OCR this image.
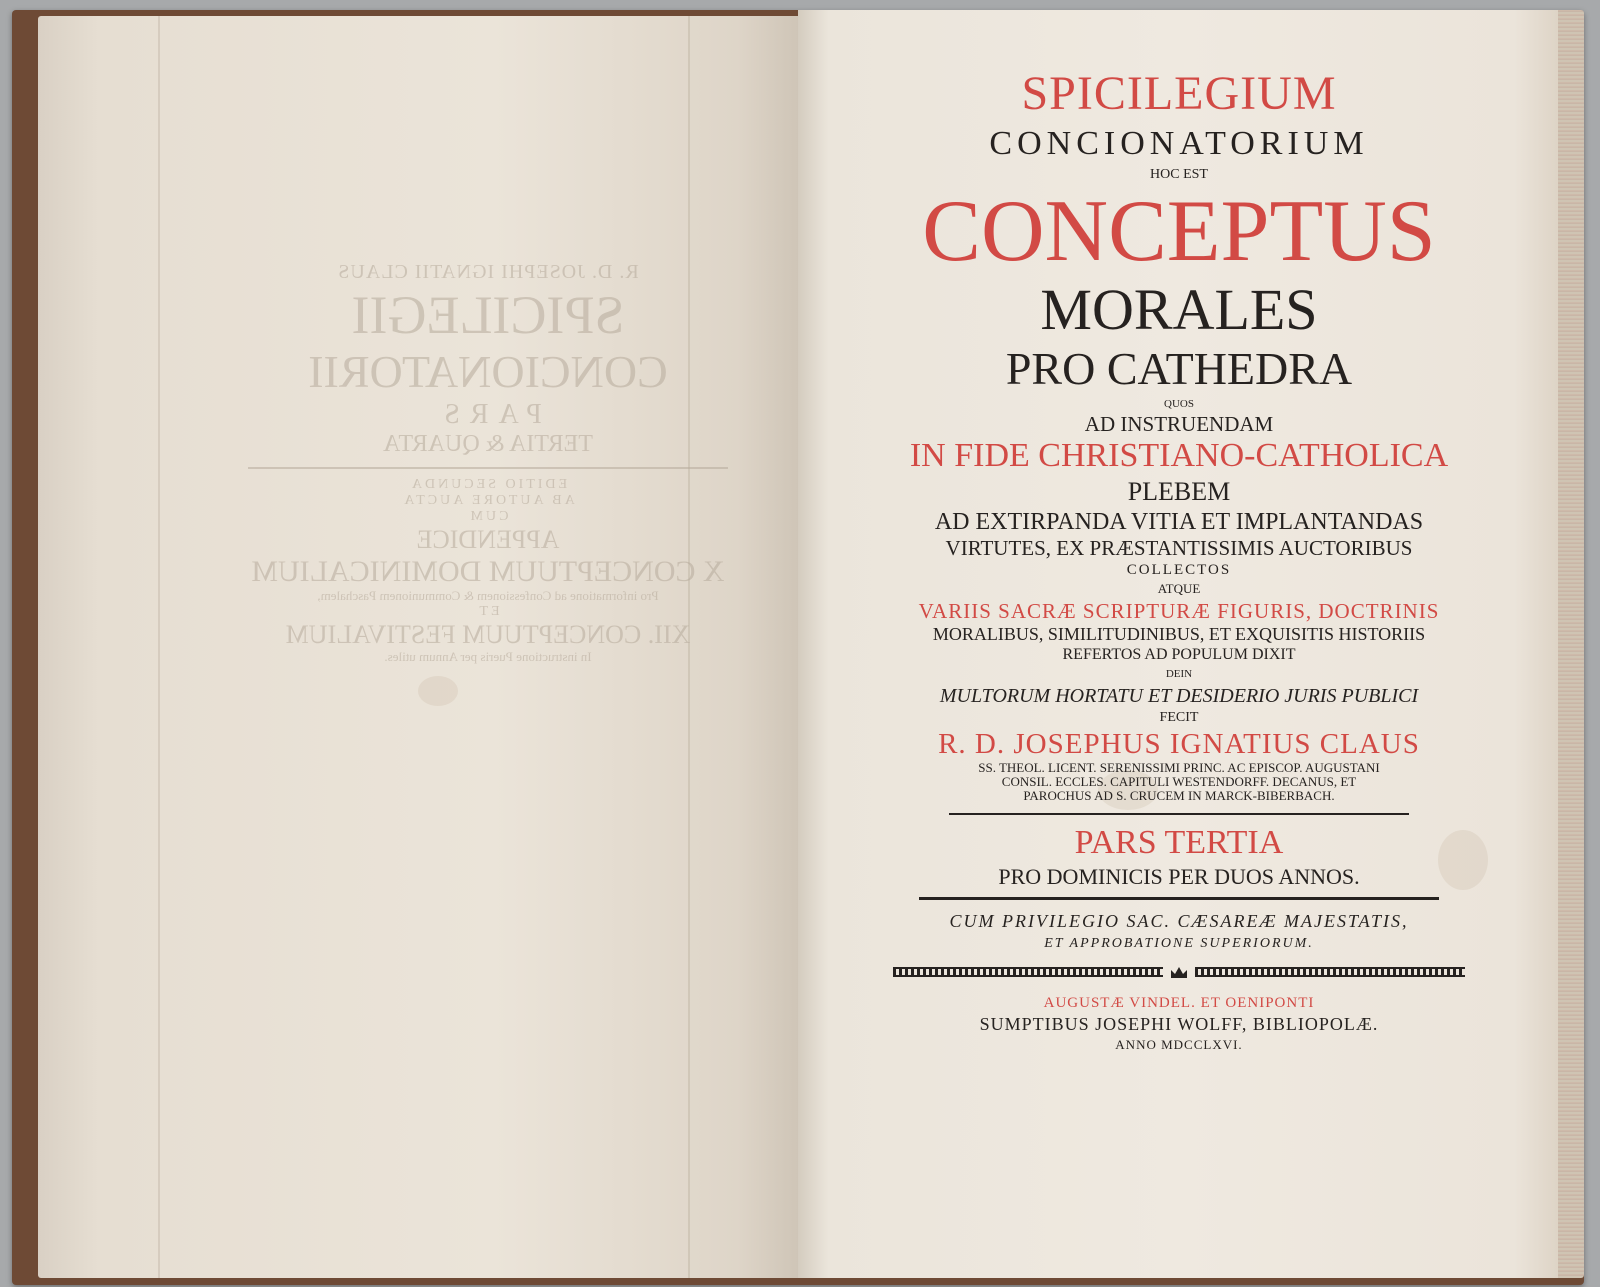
R. D. JOSEPHI IGNATII CLAUS
SPICILEGII
CONCIONATORII
PARS
TERTIA & QUARTA
EDITIO SECUNDA
AB AUTORE AUCTA
CUM
APPENDICE
X CONCEPTUUM DOMINICALIUM
Pro informatione ad Confessionem & Communionem Paschalem,
ET
XII. CONCEPTUUM FESTIVALIUM
In instructione Pueris per Annum utiles.
SPICILEGIUM
CONCIONATORIUM
HOC EST
CONCEPTUS
MORALES
PRO CATHEDRA
QUOS
AD INSTRUENDAM
IN FIDE CHRISTIANO-CATHOLICA
PLEBEM
AD EXTIRPANDA VITIA ET IMPLANTANDAS
VIRTUTES, EX PRÆSTANTISSIMIS AUCTORIBUS
COLLECTOS
ATQUE
VARIIS SACRÆ SCRIPTURÆ FIGURIS, DOCTRINIS
MORALIBUS, SIMILITUDINIBUS, ET EXQUISITIS HISTORIIS
REFERTOS AD POPULUM DIXIT
DEIN
MULTORUM HORTATU ET DESIDERIO JURIS PUBLICI
FECIT
R. D. JOSEPHUS IGNATIUS CLAUS
SS. THEOL. LICENT. SERENISSIMI PRINC. AC EPISCOP. AUGUSTANI
CONSIL. ECCLES. CAPITULI WESTENDORFF. DECANUS, ET
PAROCHUS AD S. CRUCEM IN MARCK-BIBERBACH.
PARS TERTIA
PRO DOMINICIS PER DUOS ANNOS.
CUM PRIVILEGIO SAC. CÆSAREÆ MAJESTATIS,
ET APPROBATIONE SUPERIORUM.
AUGUSTÆ VINDEL. ET OENIPONTI
SUMPTIBUS JOSEPHI WOLFF, BIBLIOPOLÆ.
ANNO MDCCLXVI.
